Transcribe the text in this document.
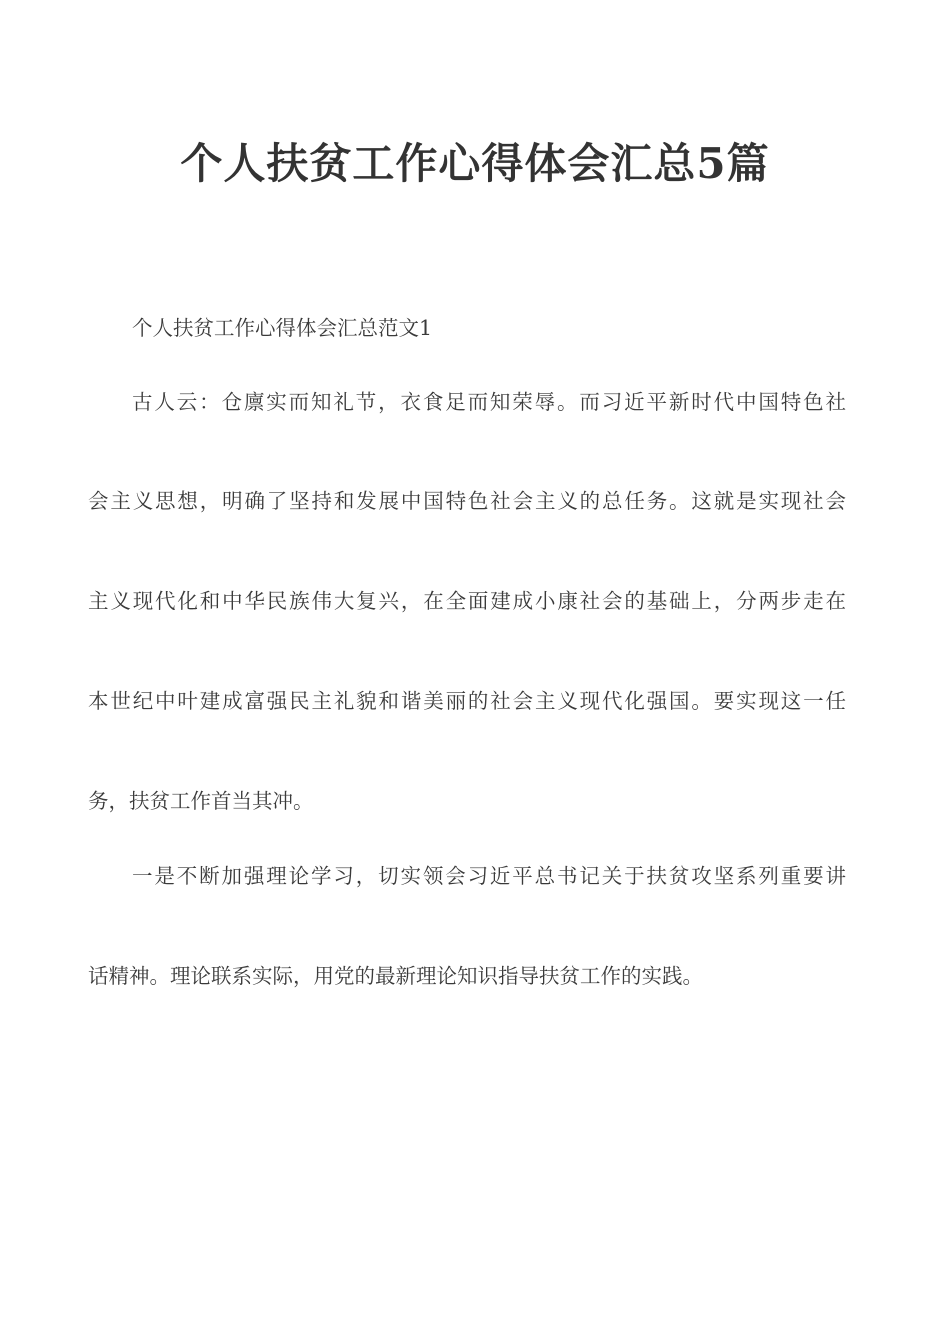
个人扶贫工作心得体会汇总5篇
个人扶贫工作心得体会汇总范文1
古人云：仓廪实而知礼节，衣食足而知荣辱。而习近平新时代中国特色社
会主义思想，明确了坚持和发展中国特色社会主义的总任务。这就是实现社会
主义现代化和中华民族伟大复兴，在全面建成小康社会的基础上，分两步走在
本世纪中叶建成富强民主礼貌和谐美丽的社会主义现代化强国。要实现这一任
务，扶贫工作首当其冲。
一是不断加强理论学习，切实领会习近平总书记关于扶贫攻坚系列重要讲
话精神。理论联系实际，用党的最新理论知识指导扶贫工作的实践。
